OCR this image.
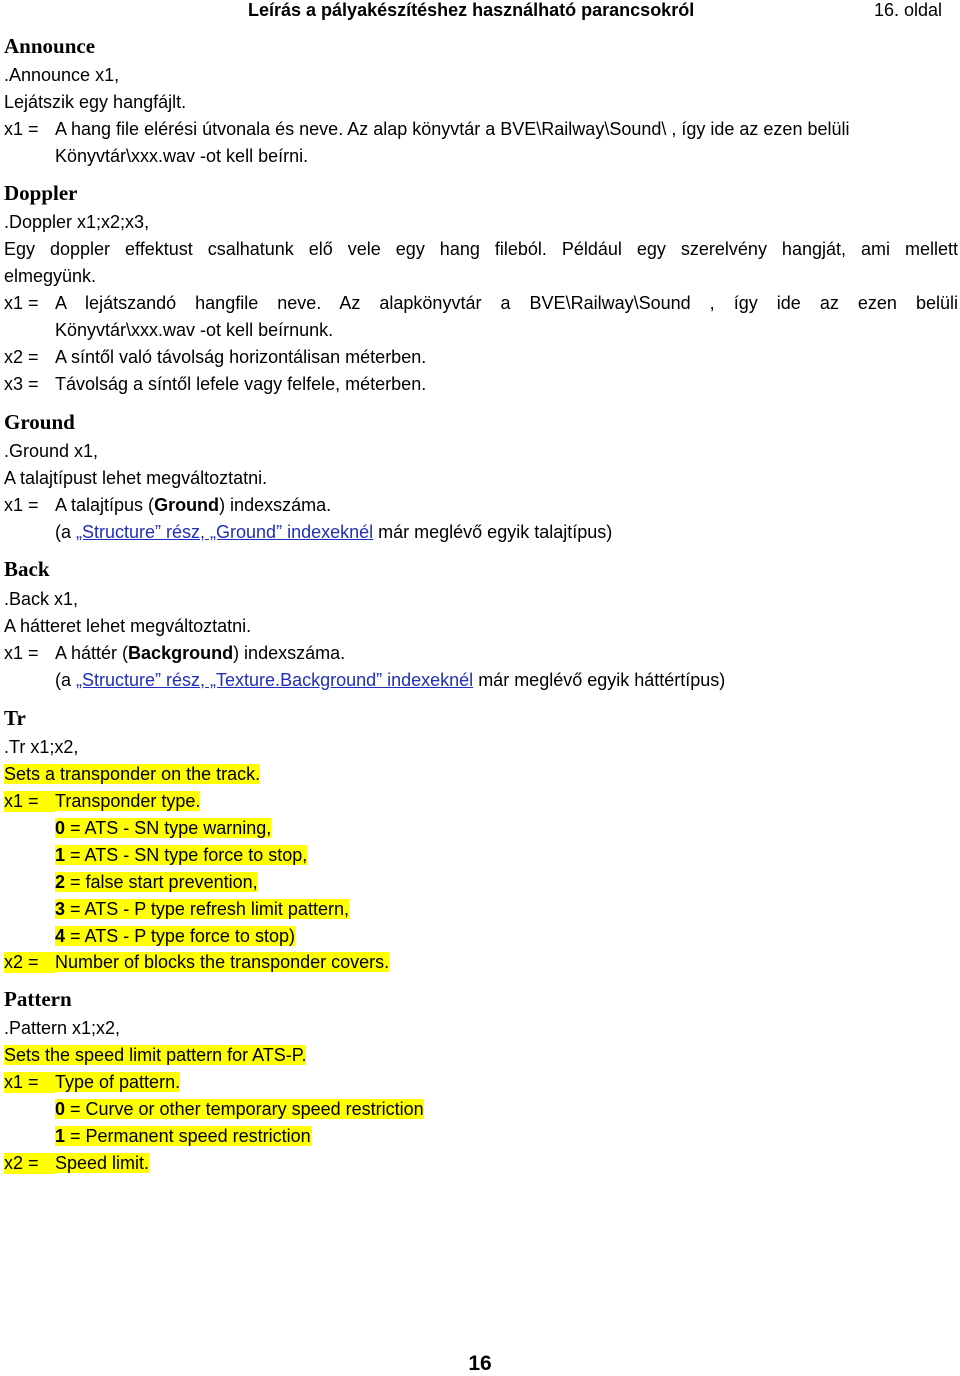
Leírás a pályakészítéshez használható parancsokról	16. oldal
Announce
.Announce x1,
Lejátszik egy hangfájlt.
x1 = A hang file elérési útvonala és neve. Az alap könyvtár a BVE\Railway\Sound\ , így ide az ezen belüli
Könyvtár\xxx.wav -ot kell beírni.
Doppler
.Doppler x1;x2;x3,
Egy doppler effektust csalhatunk elő vele egy hang fileból. Például egy szerelvény hangját, ami mellett
elmegyünk.
x1 = A lejátszandó hangfile neve. Az alapkönyvtár a BVE\Railway\Sound , így ide az ezen belüli
Könyvtár\xxx.wav -ot kell beírnunk.
x2 = A síntől való távolság horizontálisan méterben.
x3 = Távolság a síntől lefele vagy felfele, méterben.
Ground
.Ground x1,
A talajtípust lehet megváltoztatni.
x1 = A talajtípus (Ground) indexszáma.
(a „Structure” rész, „Ground” indexeknél már meglévő egyik talajtípus)
Back
.Back x1,
A hátteret lehet megváltoztatni.
x1 = A háttér (Background) indexszáma.
(a „Structure” rész, „Texture.Background” indexeknél már meglévő egyik háttértípus)
Tr
.Tr x1;x2,
Sets a transponder on the track.
x1 = Transponder type.
0 = ATS - SN type warning,
1 = ATS - SN type force to stop,
2 = false start prevention,
3 = ATS - P type refresh limit pattern,
4 = ATS - P type force to stop)
x2 = Number of blocks the transponder covers.
Pattern
.Pattern x1;x2,
Sets the speed limit pattern for ATS-P.
x1 = Type of pattern.
0 = Curve or other temporary speed restriction
1 = Permanent speed restriction
x2 = Speed limit.
16
